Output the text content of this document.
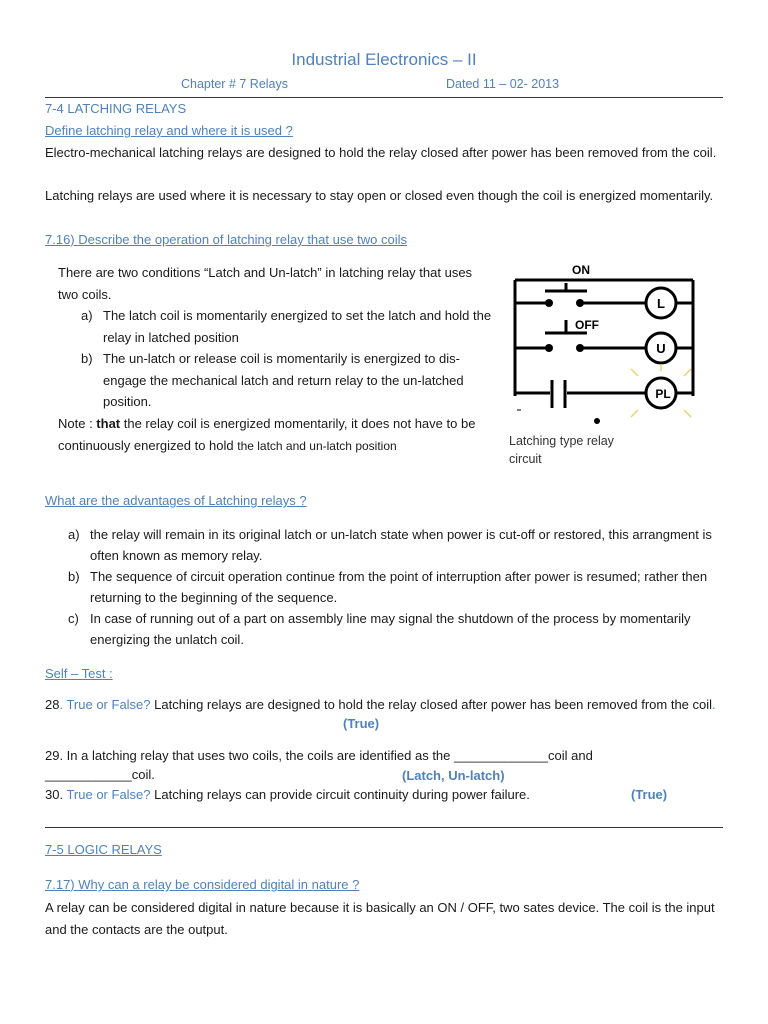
Industrial Electronics – II
Chapter # 7 Relays	Dated 11 – 02- 2013
7-4 LATCHING RELAYS
Define latching relay and where it is used ?
Electro-mechanical latching relays are designed to hold the relay closed after power has been removed from the coil.
Latching relays are used where it is necessary to stay open or closed even though the coil is energized momentarily.
7.16) Describe the operation of latching relay that use two coils
There are two conditions “Latch and Un-latch” in latching relay that uses two coils.
a) The latch coil is momentarily energized to set the latch and hold the relay in latched position
b) The un-latch or release coil is momentarily is energized to dis-engage the mechanical latch and return relay to the un-latched position.
Note : that the relay coil is energized momentarily, it does not have to be continuously energized to hold the latch and un-latch position
ON
OFF
L
U
PL
Latching type relay circuit
What are the advantages of Latching relays ?
a) the relay will remain in its original latch or un-latch state when power is cut-off or restored, this arrangment is often known as memory relay.
b) The sequence of circuit operation continue from the point of interruption after power is resumed; rather then returning to the beginning of the sequence.
c) In case of running out of a part on assembly line may signal the shutdown of the process by momentarily energizing the unlatch coil.
Self – Test :
28. True or False? Latching relays are designed to hold the relay closed after power has been removed from the coil.
(True)
29. In a latching relay that uses two coils, the coils are identified as the _____________coil and
____________coil.	(Latch, Un-latch)
30. True or False? Latching relays can provide circuit continuity during power failure.	(True)
7-5 LOGIC RELAYS
7.17) Why can a relay be considered digital in nature ?
A relay can be considered digital in nature because it is basically an ON / OFF, two sates device. The coil is the input and the contacts are the output.
